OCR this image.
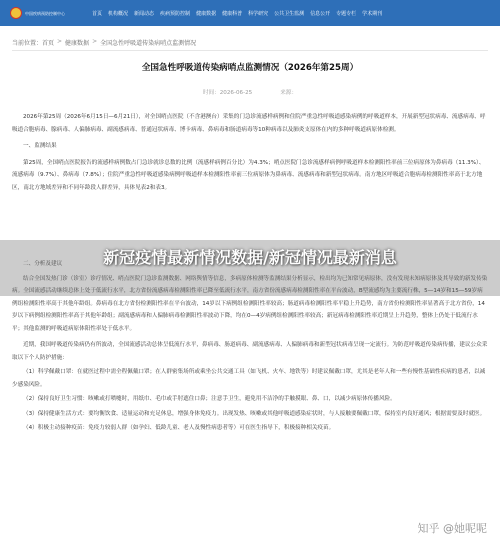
中国疾病预防控制中心	首页 机构概况 新闻动态 疾病预防控制 健康数据 健康科普 科学研究 公共卫生监测 信息公开 专题专栏 学术期刊
当前位置：首页 > 健康数据 > 全国急性呼吸道传染病哨点监测情况
全国急性呼吸道传染病哨点监测情况（2026年第25周）
时间：2026-06-25	来源：

2026年第25周（2026年6月15日—6月21日），对全国哨点医院（不含港澳台）采集的门急诊流感样病例和住院严重急性呼吸道感染病例的呼吸道样本，开展新型冠状病毒、流感病毒、呼吸道合胞病毒、腺病毒、人偏肺病毒、副流感病毒、普通冠状病毒、博卡病毒、鼻病毒和肠道病毒等10种病毒以及肺炎支原体在内的多种呼吸道病原体检测。

一、监测结果

第25周，全国哨点医院报告的流感样病例数占门急诊就诊总数的比例（流感样病例百分比）为4.3%；哨点医院门急诊流感样病例呼吸道样本检测阳性率前三位病原体为鼻病毒（11.3%）、流感病毒（9.7%）、鼻病毒（7.8%）；住院严重急性呼吸道感染病例呼吸道样本检测阳性率前三位病原体为鼻病毒、流感病毒和新型冠状病毒。南方地区呼吸道合胞病毒检测阳性率高于北方地区，南北方地域差异和不同年龄段人群差异，具体见表2和表3。

二、分析及建议

结合全国发热门诊（诊室）诊疗情况、哨点医院门急诊监测数据、网络舆情等信息，多病原体检测等监测结果分析显示，检出均为已知常见病原体，没有发现未知病原体及其导致的新发传染病。全国流感活动继续总体上处于低流行水平，北方省份流感病毒检测阳性率已降至低流行水平，南方省份流感病毒检测阳性率在平台波动，B型流感均为主要流行株，5—14岁和15—59岁病例组检测阳性率高于其他年龄组。鼻病毒在北方省份检测阳性率在平台波动，14岁以下病例组检测阳性率较高；肠道病毒检测阳性率平稳上升趋势，南方省份检测阳性率显著高于北方省份，14岁以下病例组检测阳性率高于其他年龄组；副流感病毒和人偏肺病毒检测阳性率波动下降，均在0—4岁病例组检测阳性率较高；新冠病毒检测阳性率近期呈上升趋势，整体上仍处于低流行水平；其他监测的呼吸道病原体阳性率处于低水平。

近期，我国呼吸道传染病仍有所波动，全国流感活动总体呈低流行水平，鼻病毒、肠道病毒、副流感病毒、人偏肺病毒和新型冠状病毒呈现一定流行。为防范呼吸道传染病传播，建议公众采取以下个人防护措施：

（1）科学佩戴口罩：在就医过程中需全程佩戴口罩；在人群密集场所或乘坐公共交通工具（如飞机、火车、地铁等）时建议佩戴口罩，尤其是老年人和一些有慢性基础性疾病的患者，以减少感染风险。

（2）保持良好卫生习惯：咳嗽或打喷嚏时，用纸巾、毛巾或手肘遮住口鼻；注意手卫生，避免用不洁净的手触摸眼、鼻、口，以减少病原体传播风险。

（3）保持健康生活方式：要均衡饮食、适量运动和充足休息，增强身体免疫力。出现发热、咳嗽或其他呼吸道感染症状时，与人接触要佩戴口罩，保持室内良好通风；根据需要及时就医。

（4）积极主动接种疫苗：免疫力较弱人群（如孕妇、低龄儿童、老人及慢性病患者等）可在医生指导下，积极接种相关疫苗。

新冠疫情最新情况数据/新冠情况最新消息
知乎 @她呢呢
